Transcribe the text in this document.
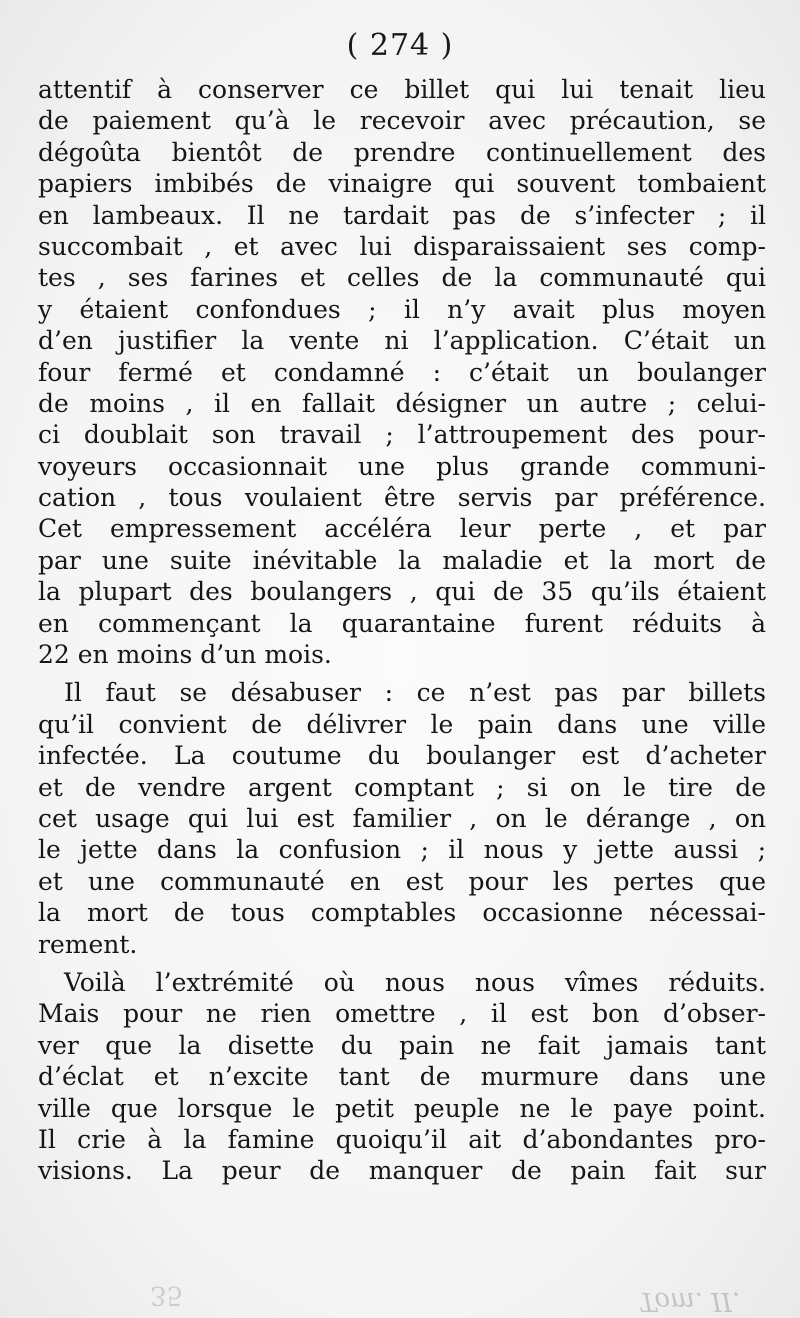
( 274 )
attentif à conserver ce billet qui lui tenait lieu
de paiement qu’à le recevoir avec précaution, se
dégoûta bientôt de prendre continuellement des
papiers imbibés de vinaigre qui souvent tombaient
en lambeaux. Il ne tardait pas de s’infecter ; il
succombait , et avec lui disparaissaient ses comp-
tes , ses farines et celles de la communauté qui
y étaient confondues ; il n’y avait plus moyen
d’en justifier la vente ni l’application. C’était un
four fermé et condamné : c’était un boulanger
de moins , il en fallait désigner un autre ; celui-
ci doublait son travail ; l’attroupement des pour-
voyeurs occasionnait une plus grande communi-
cation , tous voulaient être servis par préférence.
Cet empressement accéléra leur perte , et par
par une suite inévitable la maladie et la mort de
la plupart des boulangers , qui de 35 qu’ils étaient
en commençant la quarantaine furent réduits à
22 en moins d’un mois.
Il faut se désabuser : ce n’est pas par billets
qu’il convient de délivrer le pain dans une ville
infectée. La coutume du boulanger est d’acheter
et de vendre argent comptant ; si on le tire de
cet usage qui lui est familier , on le dérange , on
le jette dans la confusion ; il nous y jette aussi ;
et une communauté en est pour les pertes que
la mort de tous comptables occasionne nécessai-
rement.
Voilà l’extrémité où nous nous vîmes réduits.
Mais pour ne rien omettre , il est bon d’obser-
ver que la disette du pain ne fait jamais tant
d’éclat et n’excite tant de murmure dans une
ville que lorsque le petit peuple ne le paye point.
Il crie à la famine quoiqu’il ait d’abondantes pro-
visions. La peur de manquer de pain fait sur
35	Tom. II.
